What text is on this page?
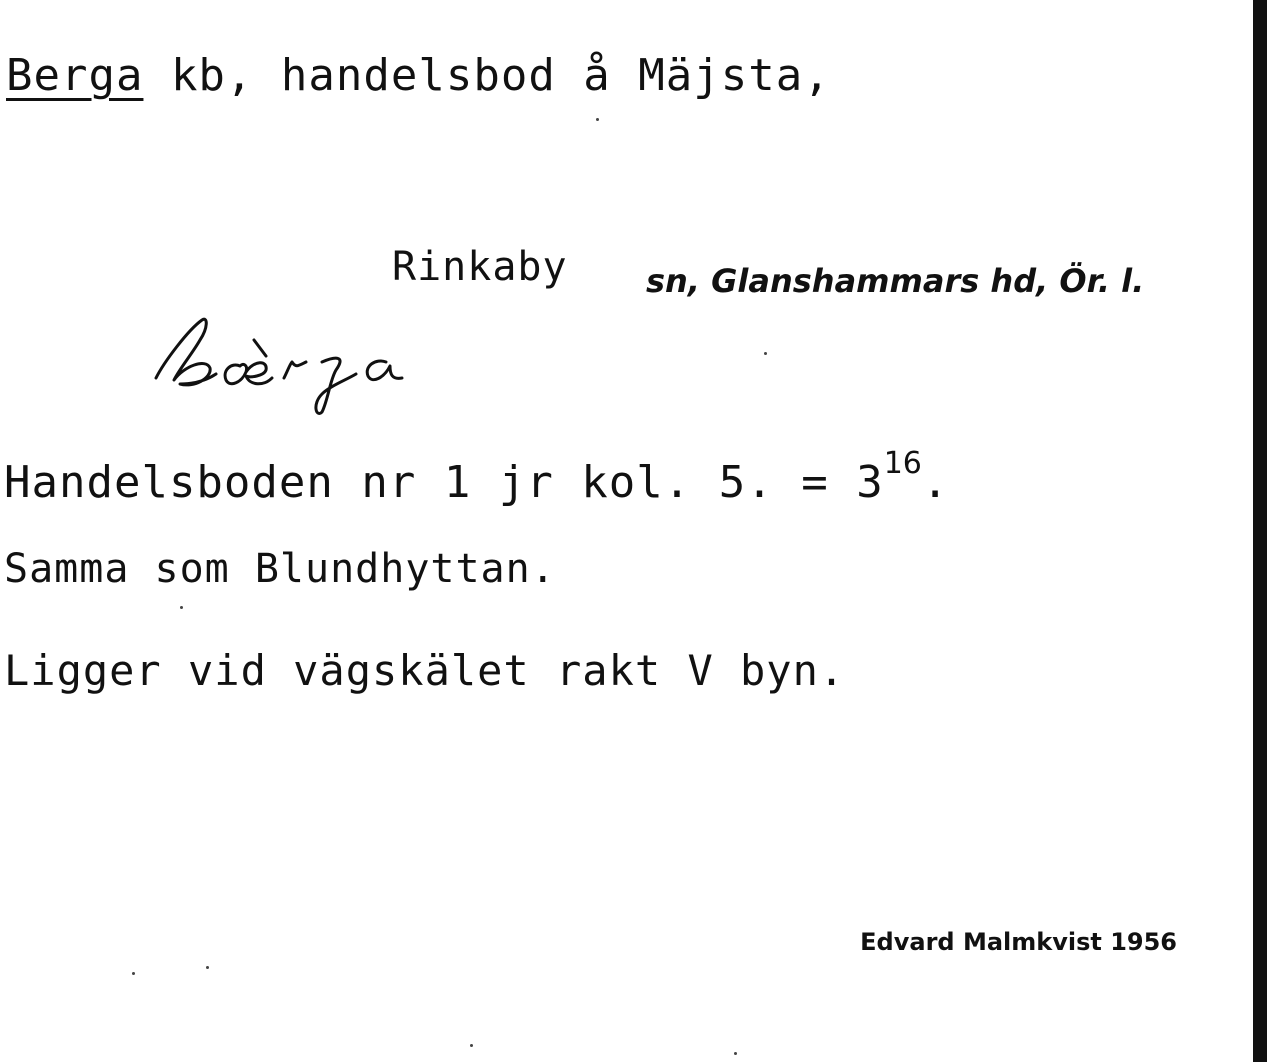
Berga kb, handelsbod å Mäjsta,
Rinkaby sn, Glanshammars hd, Ör. l.
Handelsboden nr 1 jr kol. 5. = $3^{16}$.
Samma som Blundhyttan.
Ligger vid vägskälet rakt V byn.
Edvard Malmkvist 1956
